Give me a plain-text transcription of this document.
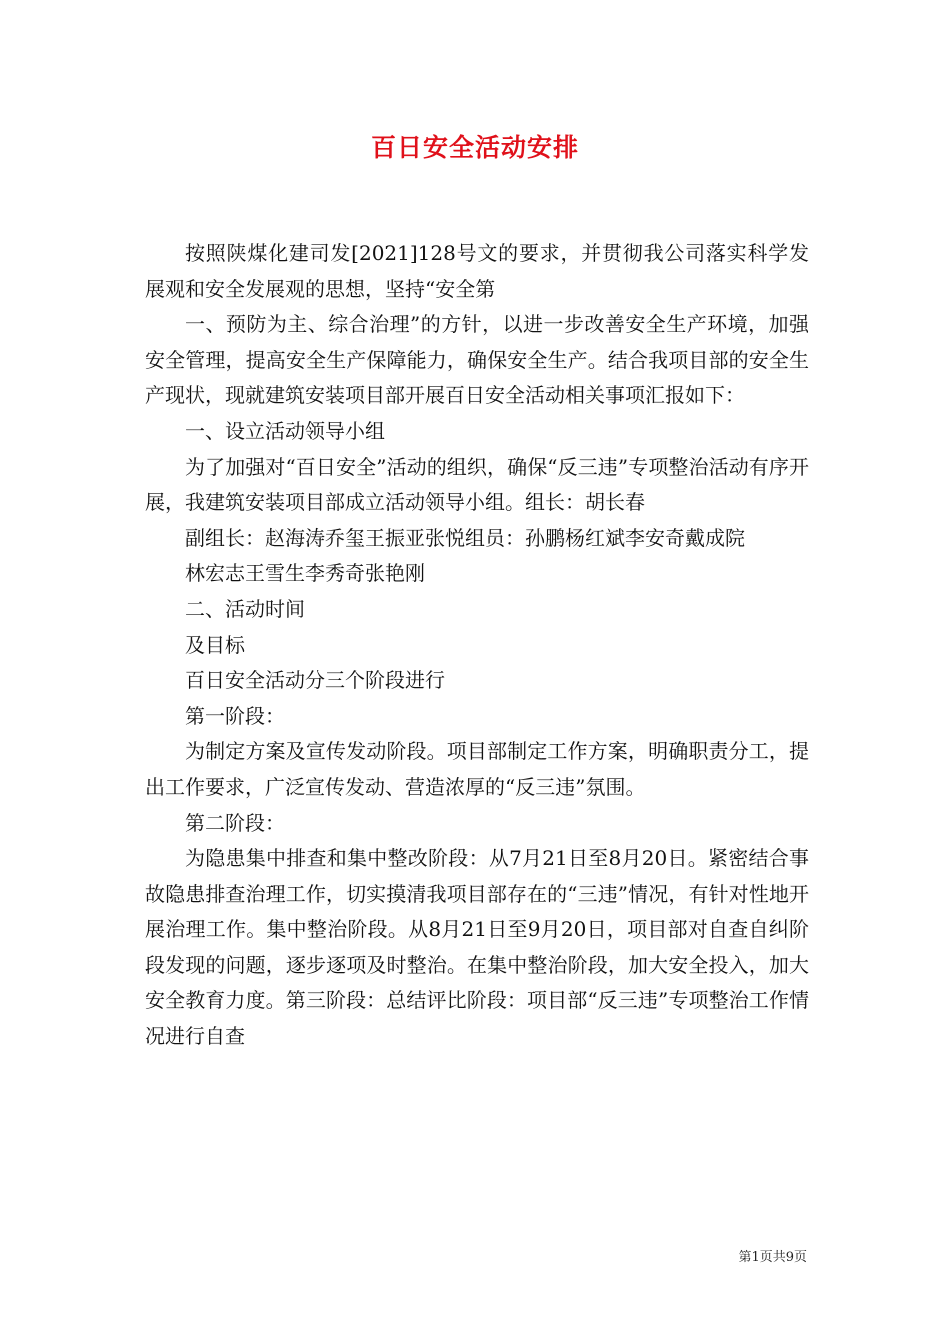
百日安全活动安排

按照陕煤化建司发[2021]128号文的要求，并贯彻我公司落实科学发展观和安全发展观的思想，坚持“安全第

一、预防为主、综合治理”的方针，以进一步改善安全生产环境，加强安全管理，提高安全生产保障能力，确保安全生产。结合我项目部的安全生产现状，现就建筑安装项目部开展百日安全活动相关事项汇报如下：

一、设立活动领导小组

为了加强对“百日安全”活动的组织，确保“反三违”专项整治活动有序开展，我建筑安装项目部成立活动领导小组。组长：胡长春

副组长：赵海涛乔玺王振亚张悦组员：孙鹏杨红斌李安奇戴成院

林宏志王雪生李秀奇张艳刚

二、活动时间

及目标

百日安全活动分三个阶段进行

第一阶段：

为制定方案及宣传发动阶段。项目部制定工作方案，明确职责分工，提出工作要求，广泛宣传发动、营造浓厚的“反三违”氛围。

第二阶段：

为隐患集中排查和集中整改阶段：从7月21日至8月20日。紧密结合事故隐患排查治理工作，切实摸清我项目部存在的“三违”情况，有针对性地开展治理工作。集中整治阶段。从8月21日至9月20日，项目部对自查自纠阶段发现的问题，逐步逐项及时整治。在集中整治阶段，加大安全投入，加大安全教育力度。第三阶段：总结评比阶段：项目部“反三违”专项整治工作情况进行自查

第1页共9页
